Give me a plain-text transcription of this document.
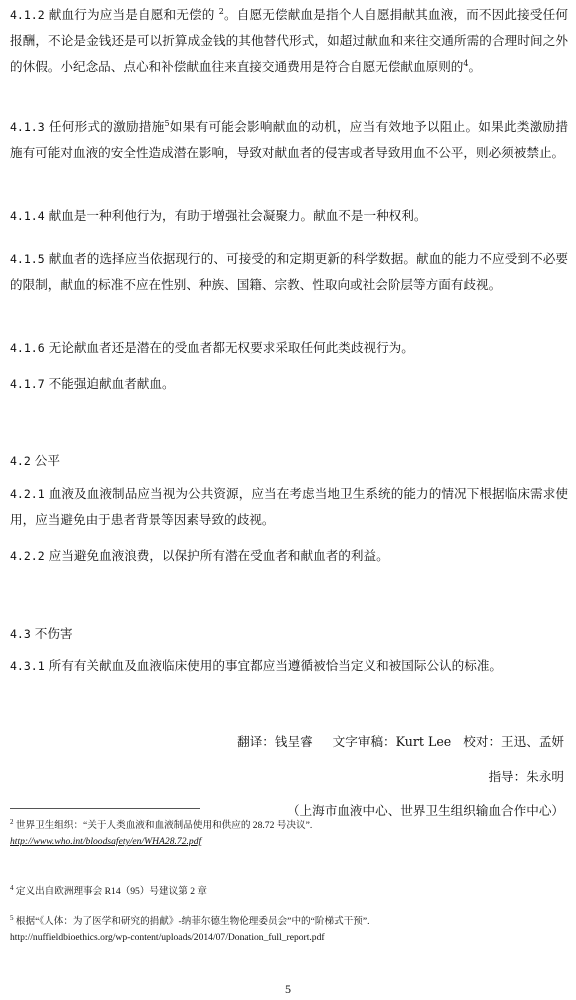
4.1.2 献血行为应当是自愿和无偿的 $^2$。自愿无偿献血是指个人自愿捐献其血液，而不因此接受任何报酬，不论是金钱还是可以折算成金钱的其他替代形式，如超过献血和来往交通所需的合理时间之外的休假。小纪念品、点心和补偿献血往来直接交通费用是符合自愿无偿献血原则的$^4$。

4.1.3 任何形式的激励措施$^5$如果有可能会影响献血的动机，应当有效地予以阻止。如果此类激励措施有可能对血液的安全性造成潜在影响，导致对献血者的侵害或者导致用血不公平，则必须被禁止。

4.1.4 献血是一种利他行为，有助于增强社会凝聚力。献血不是一种权利。

4.1.5 献血者的选择应当依据现行的、可接受的和定期更新的科学数据。献血的能力不应受到不必要的限制，献血的标准不应在性别、种族、国籍、宗教、性取向或社会阶层等方面有歧视。

4.1.6 无论献血者还是潜在的受血者都无权要求采取任何此类歧视行为。

4.1.7 不能强迫献血者献血。

4.2 公平

4.2.1 血液及血液制品应当视为公共资源，应当在考虑当地卫生系统的能力的情况下根据临床需求使用，应当避免由于患者背景等因素导致的歧视。

4.2.2 应当避免血液浪费，以保护所有潜在受血者和献血者的利益。

4.3 不伤害

4.3.1 所有有关献血及血液临床使用的事宜都应当遵循被恰当定义和被国际公认的标准。

翻译：钱呈睿 文字审稿：Kurt Lee 校对：王迅、孟妍

指导：朱永明

（上海市血液中心、世界卫生组织输血合作中心）

$^2$ 世界卫生组织：“关于人类血液和血液制品使用和供应的 28.72 号决议”.
http://www.who.int/bloodsafety/en/WHA28.72.pdf

$^4$ 定义出自欧洲理事会 R14（95）号建议第 2 章

$^5$ 根据“《人体：为了医学和研究的捐献》-纳菲尔德生物伦理委员会”中的“阶梯式干预”.
http://nuffieldbioethics.org/wp-content/uploads/2014/07/Donation_full_report.pdf

5
